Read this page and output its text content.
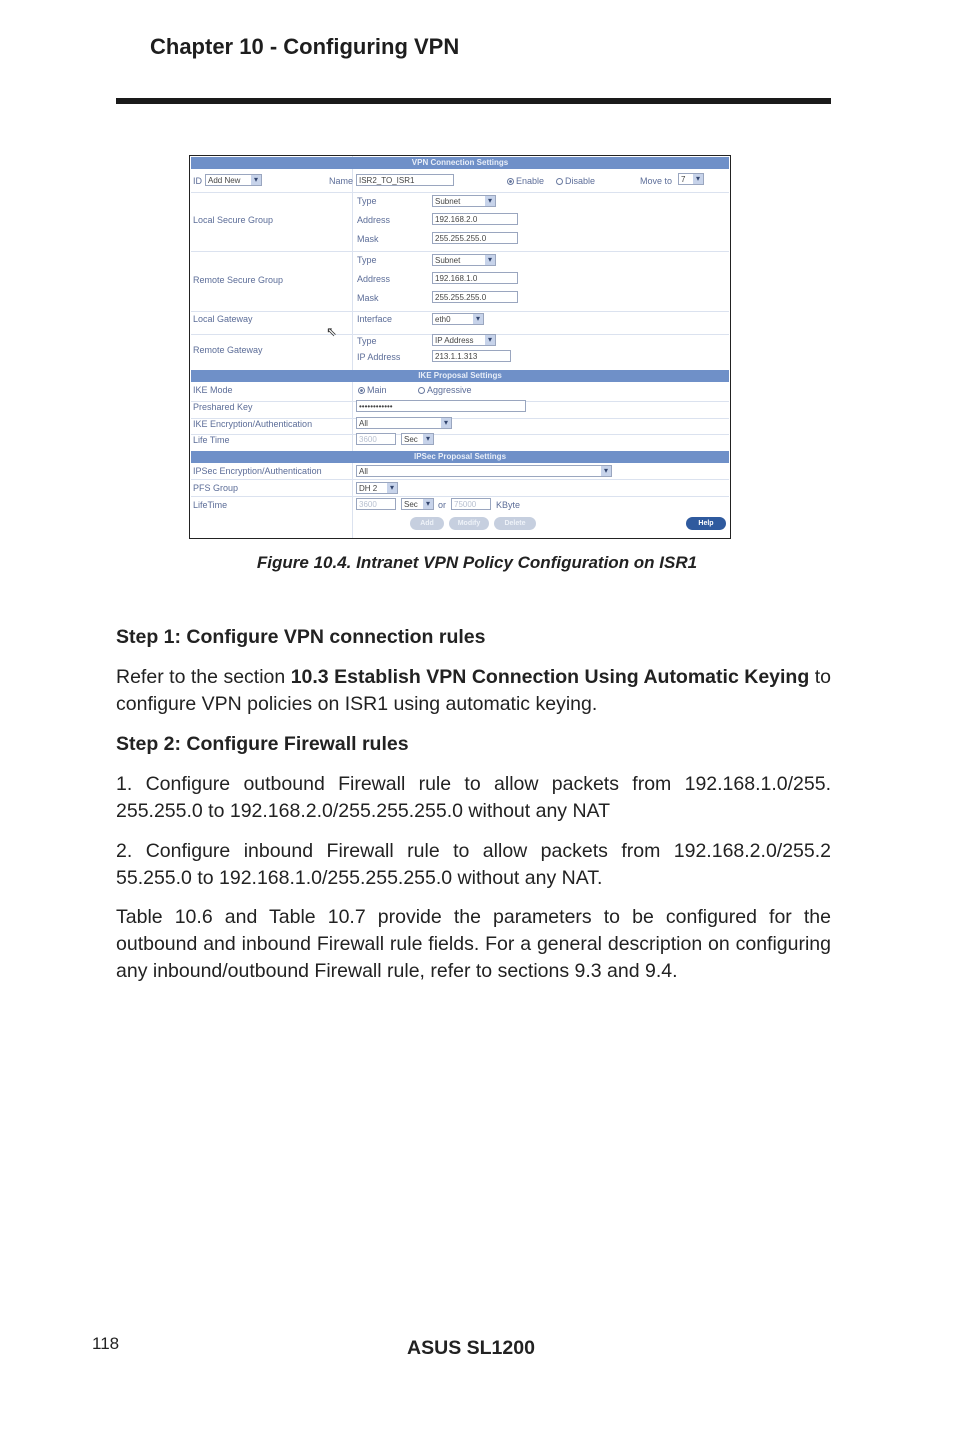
Chapter 10 - Configuring VPN
VPN Connection Settings
ID Add New ▾	Name ISR2_TO_ISR1	Enable	Disable	Move to	7 ▾
Local Secure Group
Type	Subnet ▾
Address	192.168.2.0
Mask	255.255.255.0
Remote Secure Group
Type	Subnet ▾
Address	192.168.1.0
Mask	255.255.255.0
Local Gateway	Interface	eth0 ▾
⇖
Remote Gateway
Type	IP Address ▾
IP Address	213.1.1.313
IKE Proposal Settings
IKE Mode	Main	Aggressive
Preshared Key	••••••••••••
IKE Encryption/Authentication	All ▾
Life Time	3600	Sec ▾
IPSec Proposal Settings
IPSec Encryption/Authentication	All ▾
PFS Group	DH 2 ▾
LifeTime	3600	Sec ▾	or 75000	KByte
Add	Modify	Delete	Help
Figure 10.4. Intranet VPN Policy Configuration on ISR1
Step 1: Configure VPN connection rules
Refer to the section 10.3 Establish VPN Connection Using Automatic Keying to configure VPN policies on ISR1 using automatic keying.
Step 2: Configure Firewall rules
1. Configure outbound Firewall rule to allow packets from 192.168.1.0/255. 255.255.0 to 192.168.2.0/255.255.255.0 without any NAT
2. Configure inbound Firewall rule to allow packets from 192.168.2.0/255.2 55.255.0 to 192.168.1.0/255.255.255.0 without any NAT.
Table 10.6 and Table 10.7 provide the parameters to be configured for the outbound and inbound Firewall rule fields. For a general description on configuring any inbound/outbound Firewall rule, refer to sections 9.3 and 9.4.
118	ASUS SL1200
